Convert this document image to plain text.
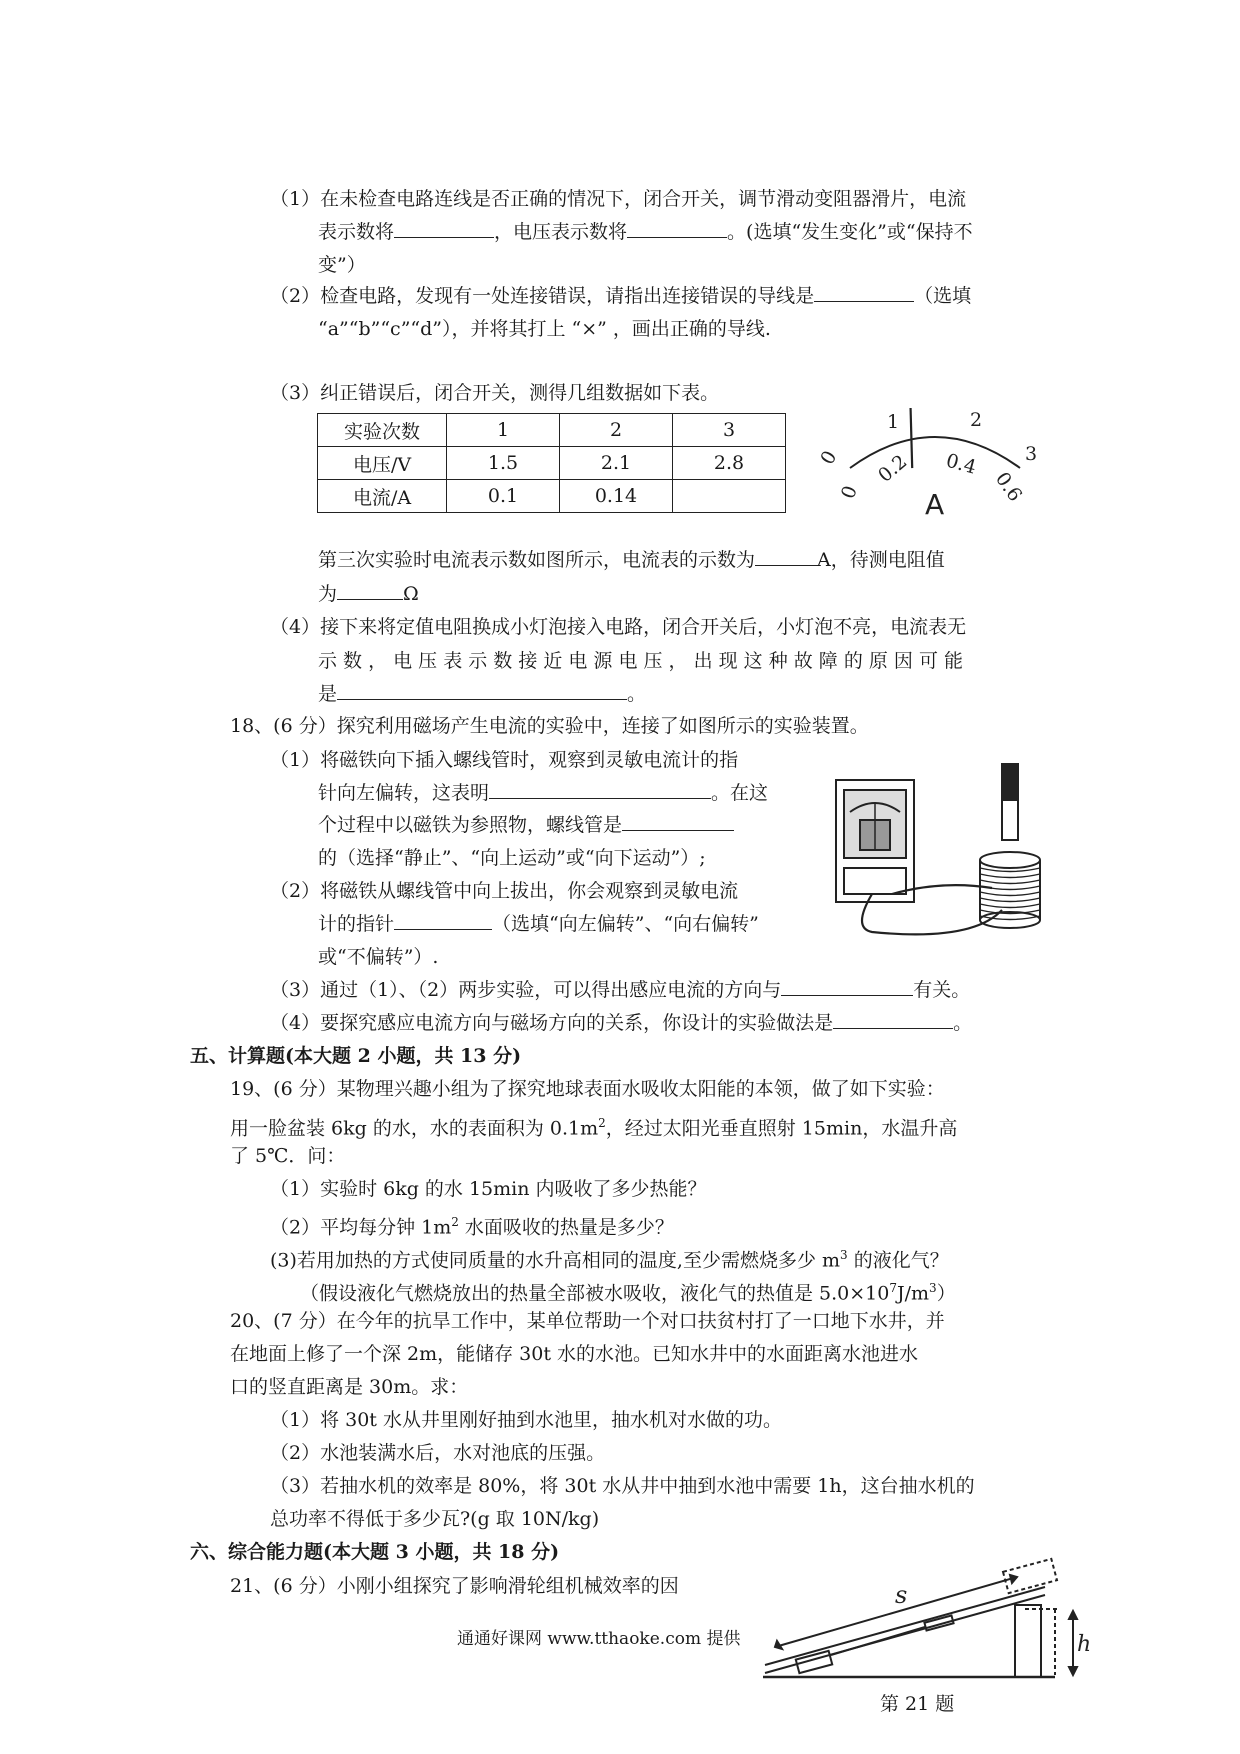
（1）在未检查电路连线是否正确的情况下，闭合开关，调节滑动变阻器滑片，电流
表示数将	，电压表示数将	。(选填“发生变化”或“保持不
变”）
（2）检查电路，发现有一处连接错误，请指出连接错误的导线是	（选填
“a”“b”“c”“d”），并将其打上 “×” ，画出正确的导线.
（3）纠正错误后，闭合开关，测得几组数据如下表。
实验次数	1	2	3
电压/V	1.5	2.1	2.8
电流/A	0.1	0.14	
0
1	2
3
0
0.2 0.4
0.6
A
第三次实验时电流表示数如图所示，电流表的示数为	A，待测电阻值
为	Ω
（4）接下来将定值电阻换成小灯泡接入电路，闭合开关后，小灯泡不亮，电流表无
示 数 ， 电 压 表 示 数 接 近 电 源 电 压 ， 出 现 这 种 故 障 的 原 因 可 能
是	。
18、(6 分）探究利用磁场产生电流的实验中，连接了如图所示的实验装置。
（1）将磁铁向下插入螺线管时，观察到灵敏电流计的指
针向左偏转，这表明	。在这
个过程中以磁铁为参照物，螺线管是
的（选择“静止”、“向上运动”或“向下运动”）;
（2）将磁铁从螺线管中向上拔出，你会观察到灵敏电流
计的指针	（选填“向左偏转”、“向右偏转”
或“不偏转”）.
（3）通过（1）、（2）两步实验，可以得出感应电流的方向与	有关。
（4）要探究感应电流方向与磁场方向的关系，你设计的实验做法是	。
五、计算题(本大题 2 小题，共 13 分)
19、(6 分）某物理兴趣小组为了探究地球表面水吸收太阳能的本领，做了如下实验：
用一脸盆装 6kg 的水，水的表面积为 $0.1m^2$，经过太阳光垂直照射 15min，水温升高
了 5℃．问：
（1）实验时 6kg 的水 15min 内吸收了多少热能？
（2）平均每分钟 $1m^2$ 水面吸收的热量是多少？
(3)若用加热的方式使同质量的水升高相同的温度,至少需燃烧多少 $m^3$ 的液化气？
（假设液化气燃烧放出的热量全部被水吸收，液化气的热值是 $5.0\times 10^7J/m^3$）
20、(7 分）在今年的抗旱工作中，某单位帮助一个对口扶贫村打了一口地下水井，并
在地面上修了一个深 2m，能储存 30t 水的水池。已知水井中的水面距离水池进水
口的竖直距离是 30m。求：
（1）将 30t 水从井里刚好抽到水池里，抽水机对水做的功。
（2）水池装满水后，水对池底的压强。
（3）若抽水机的效率是 80%，将 30t 水从井中抽到水池中需要 1h，这台抽水机的
总功率不得低于多少瓦?(g 取 10N/kg)
六、综合能力题(本大题 3 小题，共 18 分)
21、(6 分）小刚小组探究了影响滑轮组机械效率的因	s
h
通通好课网 www.tthaoke.com 提供
第 21 题
